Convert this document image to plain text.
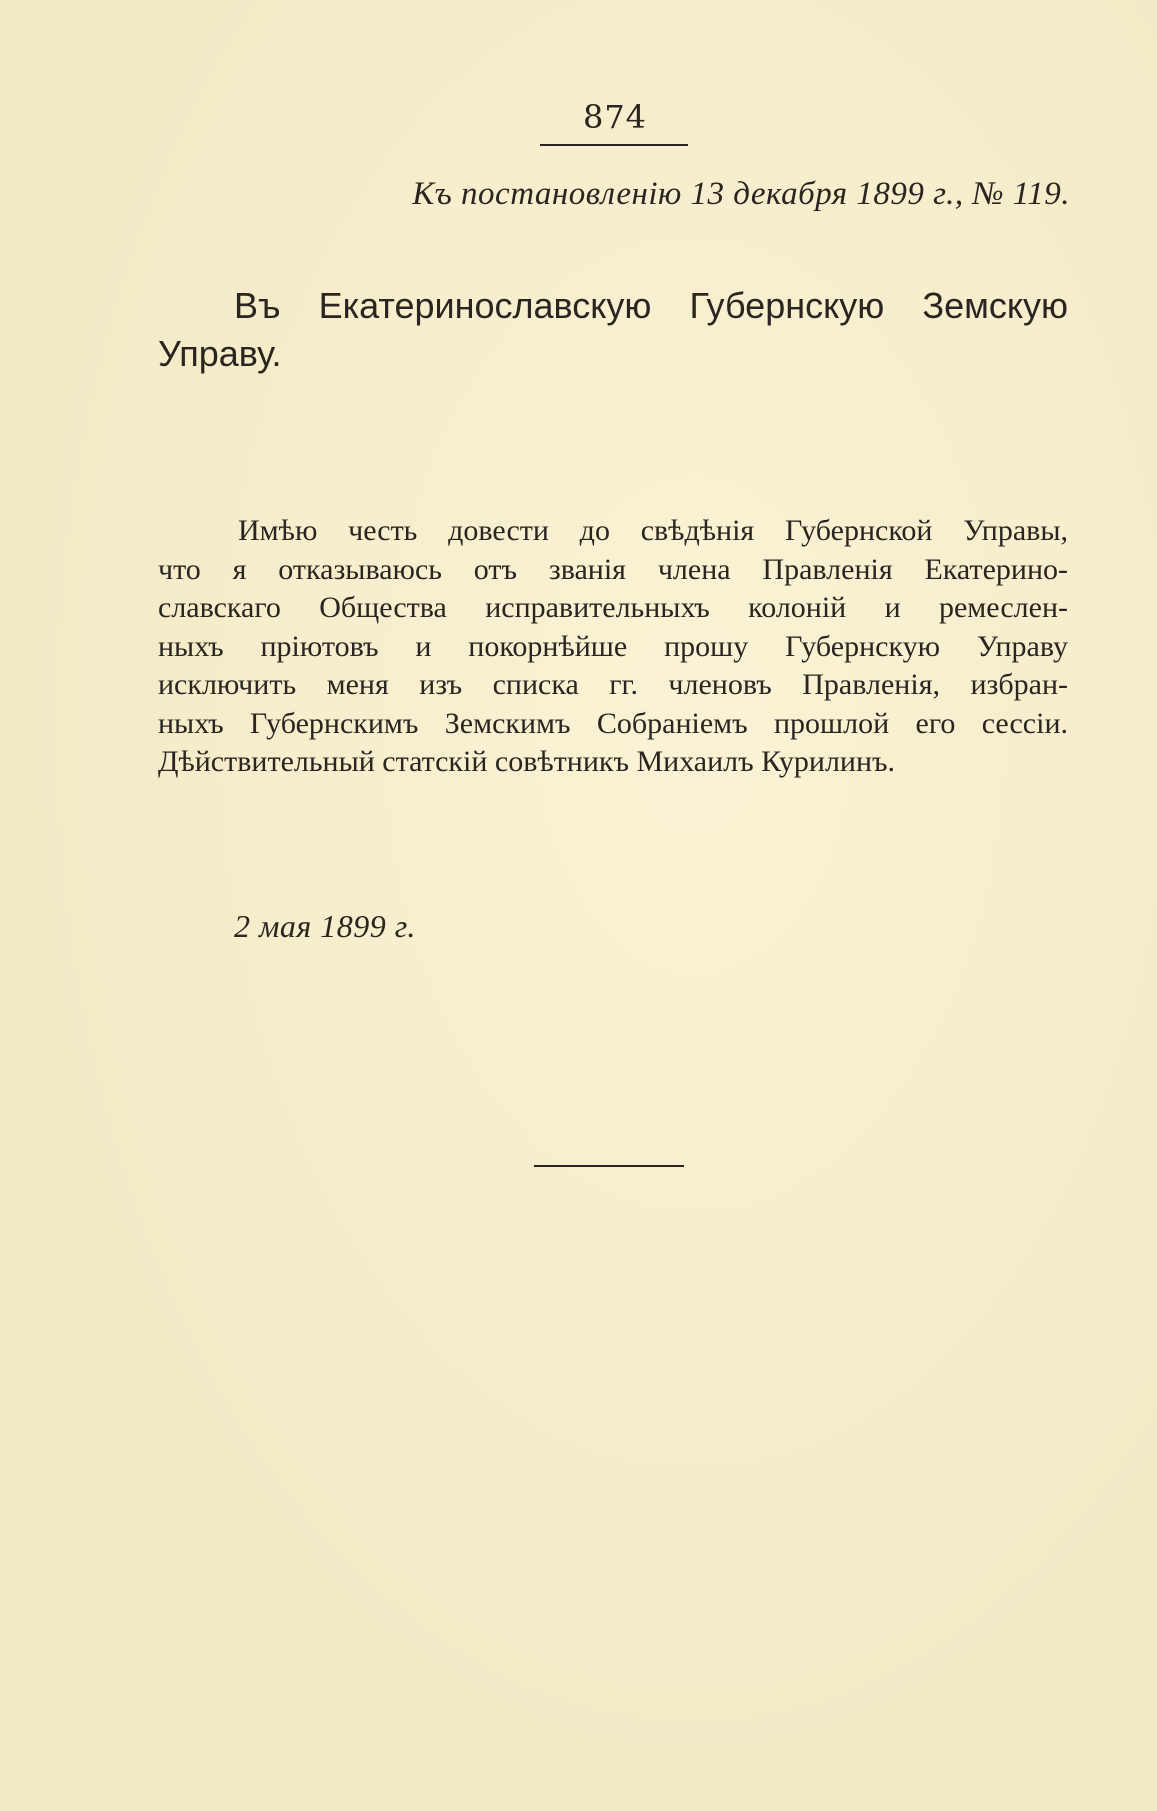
874
Къ постановленію 13 декабря 1899 г., № 119.
Въ Екатеринославскую Губернскую Земскую
Управу.
Имѣю честь довести до свѣдѣнія Губернской Управы,
что я отказываюсь отъ званія члена Правленія Екатерино-
славскаго Общества исправительныхъ колоній и ремеслен-
ныхъ пріютовъ и покорнѣйше прошу Губернскую Управу
исключить меня изъ списка гг. членовъ Правленія, избран-
ныхъ Губернскимъ Земскимъ Собраніемъ прошлой его сессіи.
Дѣйствительный статскій совѣтникъ Михаилъ Курилинъ.
2 мая 1899 г.
